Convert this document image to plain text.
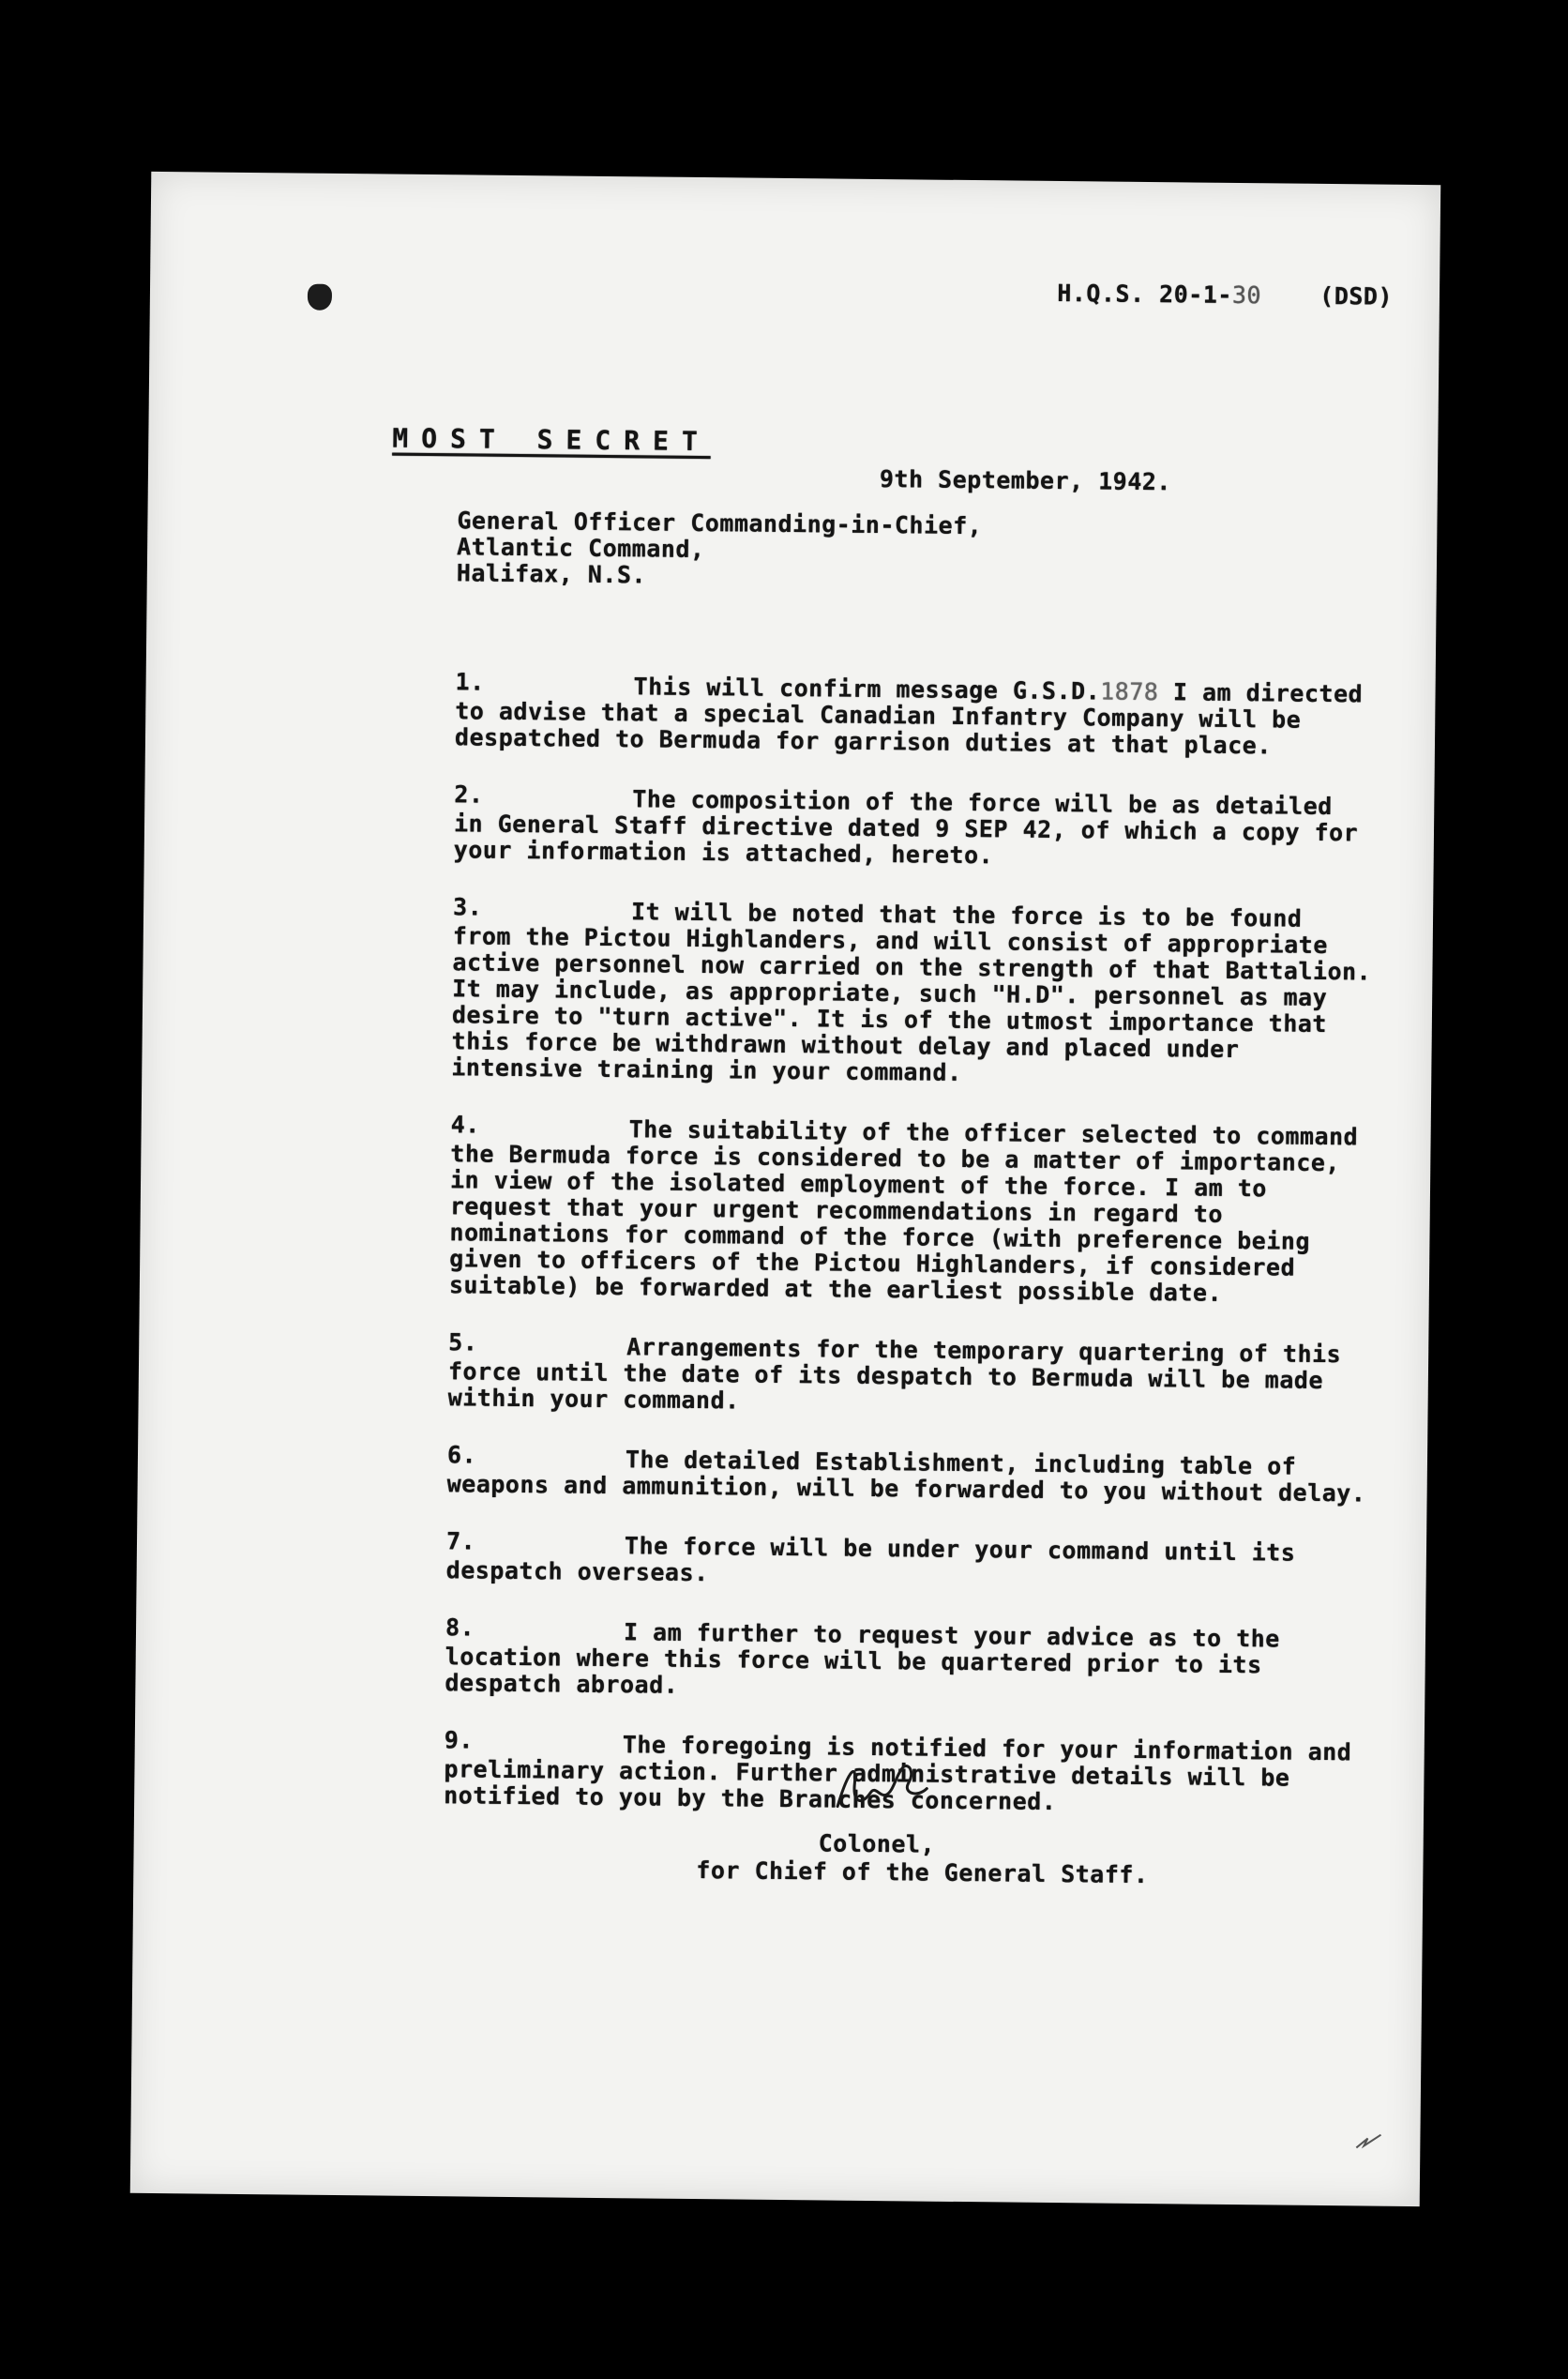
H.Q.S. 20-1-30 (DSD)
MOST SECRET
9th September, 1942.
General Officer Commanding-in-Chief,
Atlantic Command,
Halifax, N.S.
1.	This will confirm message G.S.D.1878 I am directed to advise that a special Canadian Infantry Company will be despatched to Bermuda for garrison duties at that place.
2.	The composition of the force will be as detailed in General Staff directive dated 9 SEP 42, of which a copy for your information is attached, hereto.
3.	It will be noted that the force is to be found from the Pictou Highlanders, and will consist of appropriate active personnel now carried on the strength of that Battalion. It may include, as appropriate, such "H.D". personnel as may desire to "turn active". It is of the utmost importance that this force be withdrawn without delay and placed under intensive training in your command.
4.	The suitability of the officer selected to command the Bermuda force is considered to be a matter of importance, in view of the isolated employment of the force. I am to request that your urgent recommendations in regard to nominations for command of the force (with preference being given to officers of the Pictou Highlanders, if considered suitable) be forwarded at the earliest possible date.
5.	Arrangements for the temporary quartering of this force until the date of its despatch to Bermuda will be made within your command.
6.	The detailed Establishment, including table of weapons and ammunition, will be forwarded to you without delay.
7.	The force will be under your command until its despatch overseas.
8.	I am further to request your advice as to the location where this force will be quartered prior to its despatch abroad.
9.	The foregoing is notified for your information and preliminary action. Further administrative details will be notified to you by the Branches concerned.
Colonel,
for Chief of the General Staff.
